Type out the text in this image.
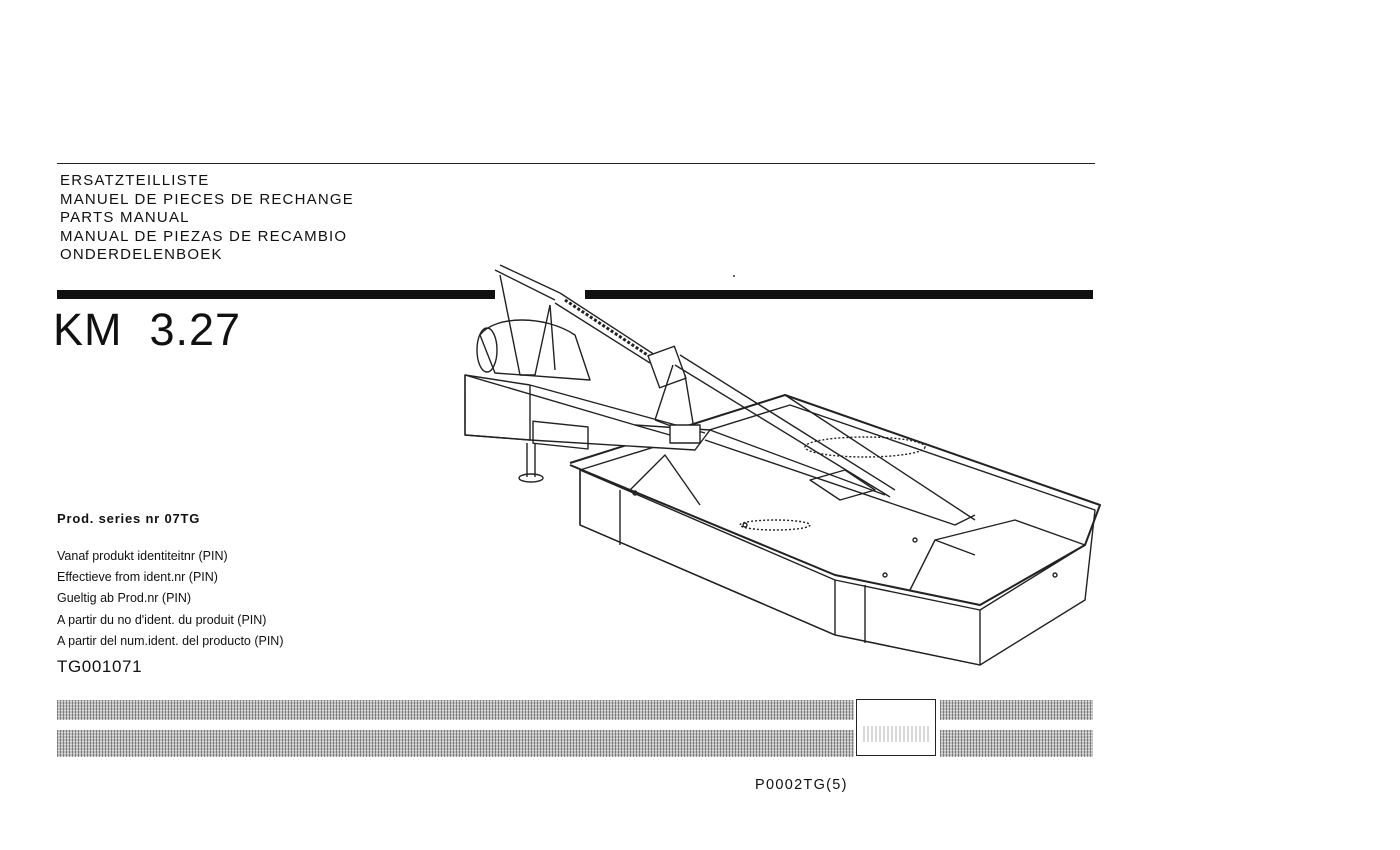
ERSATZTEILLISTE
MANUEL DE PIECES DE RECHANGE
PARTS MANUAL
MANUAL DE PIEZAS DE RECAMBIO
ONDERDELENBOEK
KM  3.27
Prod. series nr 07TG
Vanaf produkt identiteitnr (PIN)
Effectieve from ident.nr (PIN)
Gueltig ab Prod.nr (PIN)
A partir du no d'ident. du produit (PIN)
A partir del num.ident. del producto (PIN)
TG001071
P0002TG(5)
